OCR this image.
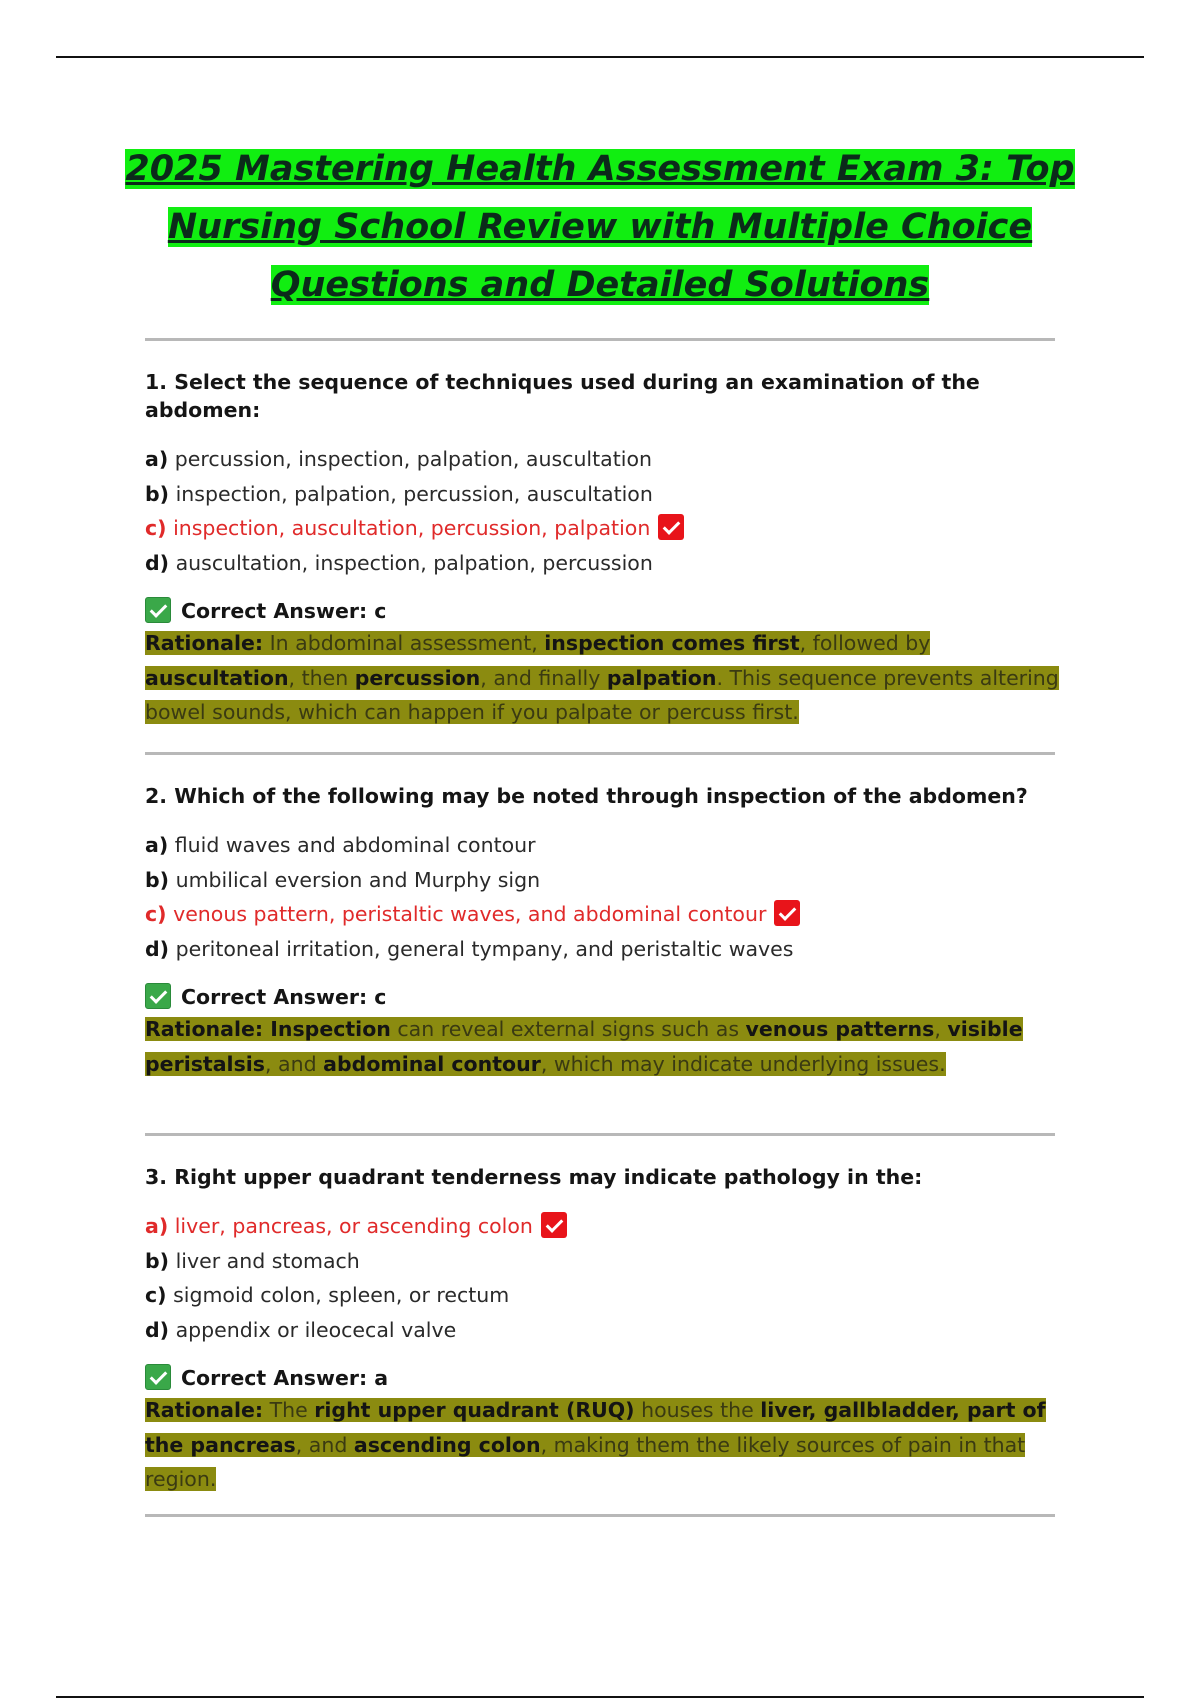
2025 Mastering Health Assessment Exam 3: Top
Nursing School Review with Multiple Choice
Questions and Detailed Solutions
1. Select the sequence of techniques used during an examination of the abdomen:
a) percussion, inspection, palpation, auscultation
b) inspection, palpation, percussion, auscultation
c) inspection, auscultation, percussion, palpation
d) auscultation, inspection, palpation, percussion
Correct Answer: c
Rationale: In abdominal assessment, inspection comes first, followed by auscultation, then percussion, and finally palpation. This sequence prevents altering bowel sounds, which can happen if you palpate or percuss first.
2. Which of the following may be noted through inspection of the abdomen?
a) fluid waves and abdominal contour
b) umbilical eversion and Murphy sign
c) venous pattern, peristaltic waves, and abdominal contour
d) peritoneal irritation, general tympany, and peristaltic waves
Correct Answer: c
Rationale: Inspection can reveal external signs such as venous patterns, visible peristalsis, and abdominal contour, which may indicate underlying issues.
3. Right upper quadrant tenderness may indicate pathology in the:
a) liver, pancreas, or ascending colon
b) liver and stomach
c) sigmoid colon, spleen, or rectum
d) appendix or ileocecal valve
Correct Answer: a
Rationale: The right upper quadrant (RUQ) houses the liver, gallbladder, part of the pancreas, and ascending colon, making them the likely sources of pain in that region.
